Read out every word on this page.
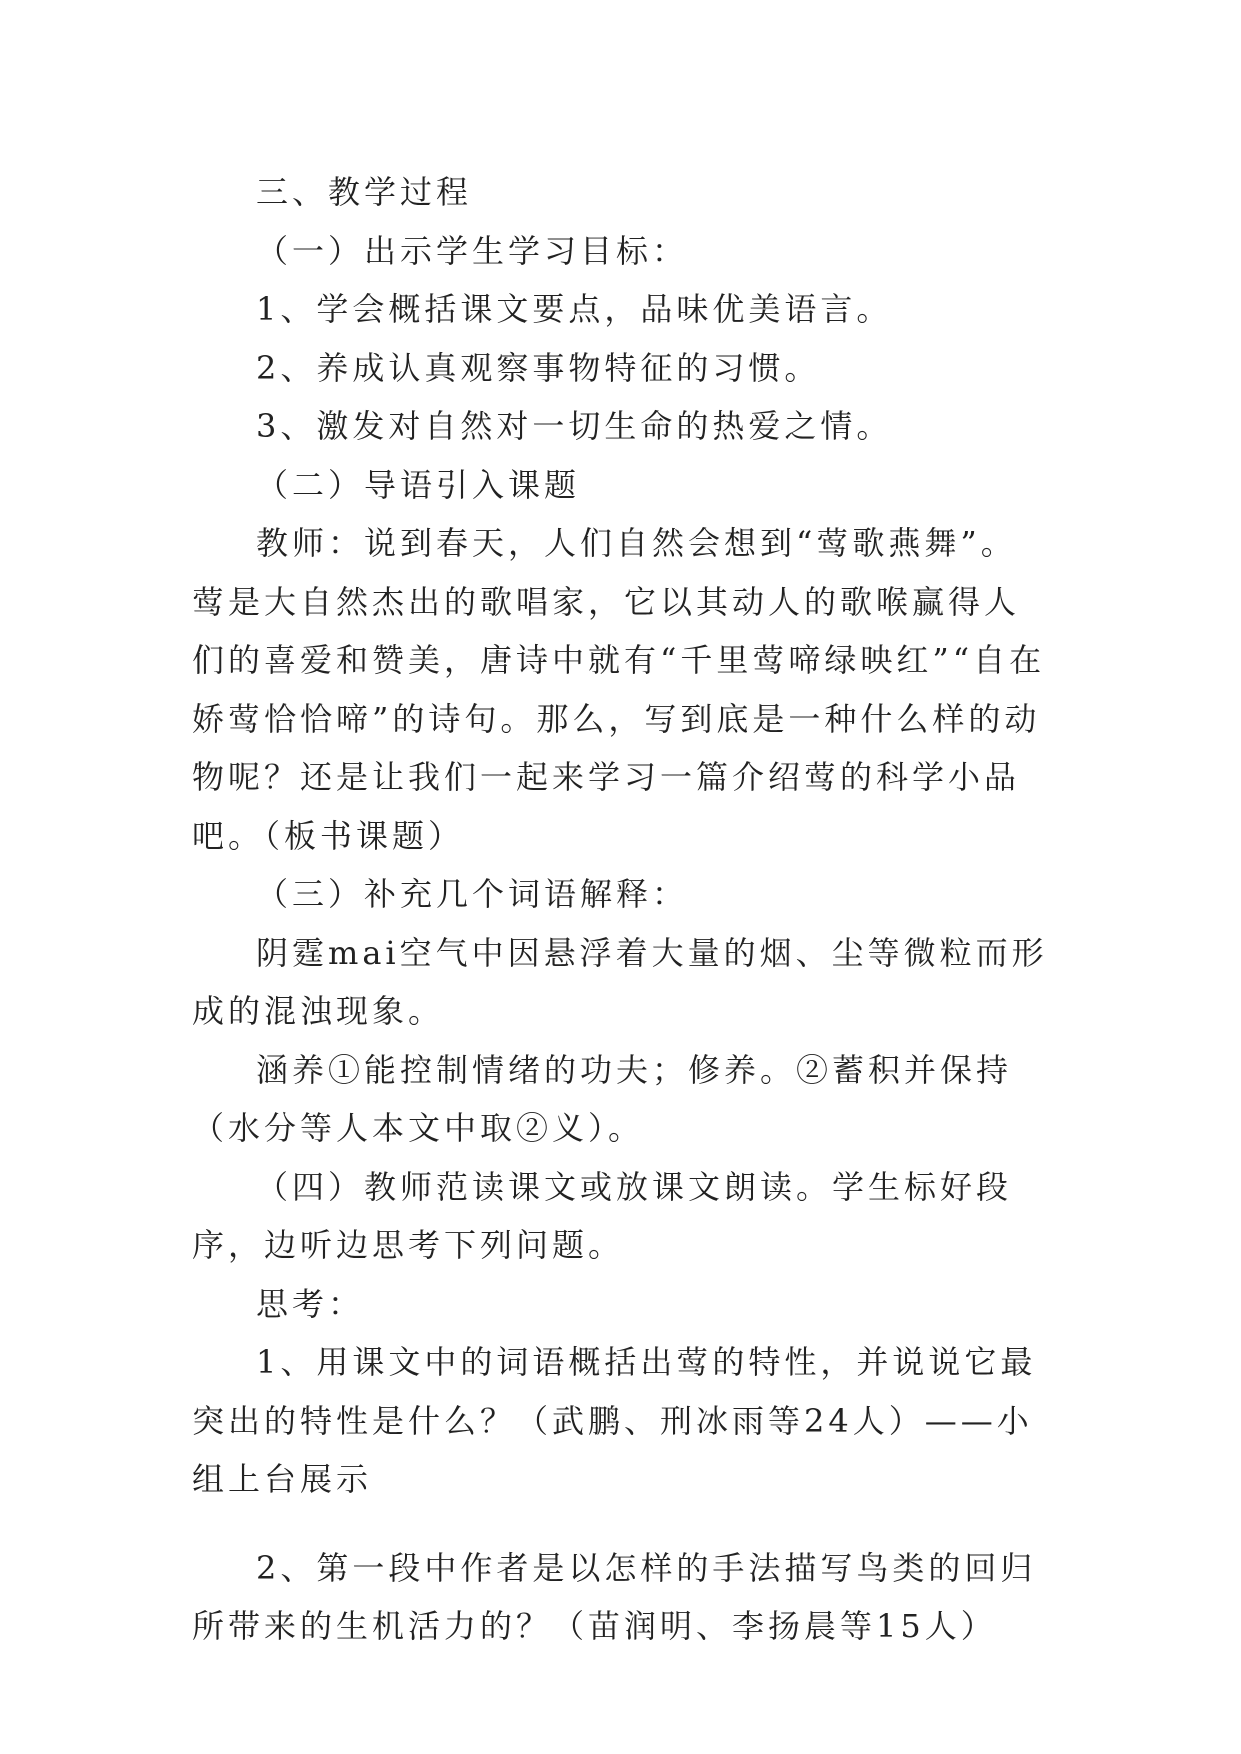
三、教学过程

（一）出示学生学习目标：

1、学会概括课文要点，品味优美语言。

2、养成认真观察事物特征的习惯。

3、激发对自然对一切生命的热爱之情。

（二）导语引入课题

教师：说到春天，人们自然会想到“莺歌燕舞”。莺是大自然杰出的歌唱家，它以其动人的歌喉赢得人们的喜爱和赞美，唐诗中就有“千里莺啼绿映红”“自在娇莺恰恰啼”的诗句。那么，写到底是一种什么样的动物呢？还是让我们一起来学习一篇介绍莺的科学小品吧。（板书课题）

（三）补充几个词语解释：

阴霆mai空气中因悬浮着大量的烟、尘等微粒而形成的混浊现象。

涵养①能控制情绪的功夫；修养。②蓄积并保持（水分等人本文中取②义）。

（四）教师范读课文或放课文朗读。学生标好段序，边听边思考下列问题。

思考：

1、用课文中的词语概括出莺的特性，并说说它最突出的特性是什么？（武鹏、刑冰雨等24人）——小组上台展示

2、第一段中作者是以怎样的手法描写鸟类的回归所带来的生机活力的？（苗润明、李扬晨等15人）
